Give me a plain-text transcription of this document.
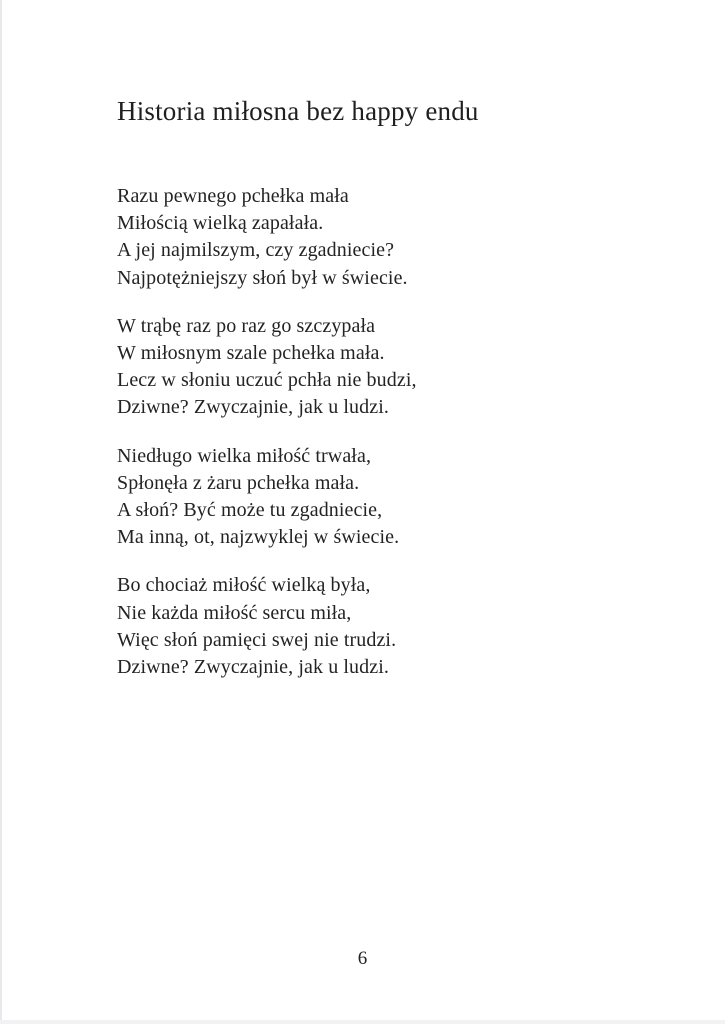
Historia miłosna bez happy endu

Razu pewnego pchełka mała

Miłością wielką zapałała.

A jej najmilszym, czy zgadniecie?

Najpotężniejszy słoń był w świecie.

W trąbę raz po raz go szczypała

W miłosnym szale pchełka mała.

Lecz w słoniu uczuć pchła nie budzi,

Dziwne? Zwyczajnie, jak u ludzi.

Niedługo wielka miłość trwała,

Spłonęła z żaru pchełka mała.

A słoń? Być może tu zgadniecie,

Ma inną, ot, najzwyklej w świecie.

Bo chociaż miłość wielką była,

Nie każda miłość sercu miła,

Więc słoń pamięci swej nie trudzi.

Dziwne? Zwyczajnie, jak u ludzi.

6
